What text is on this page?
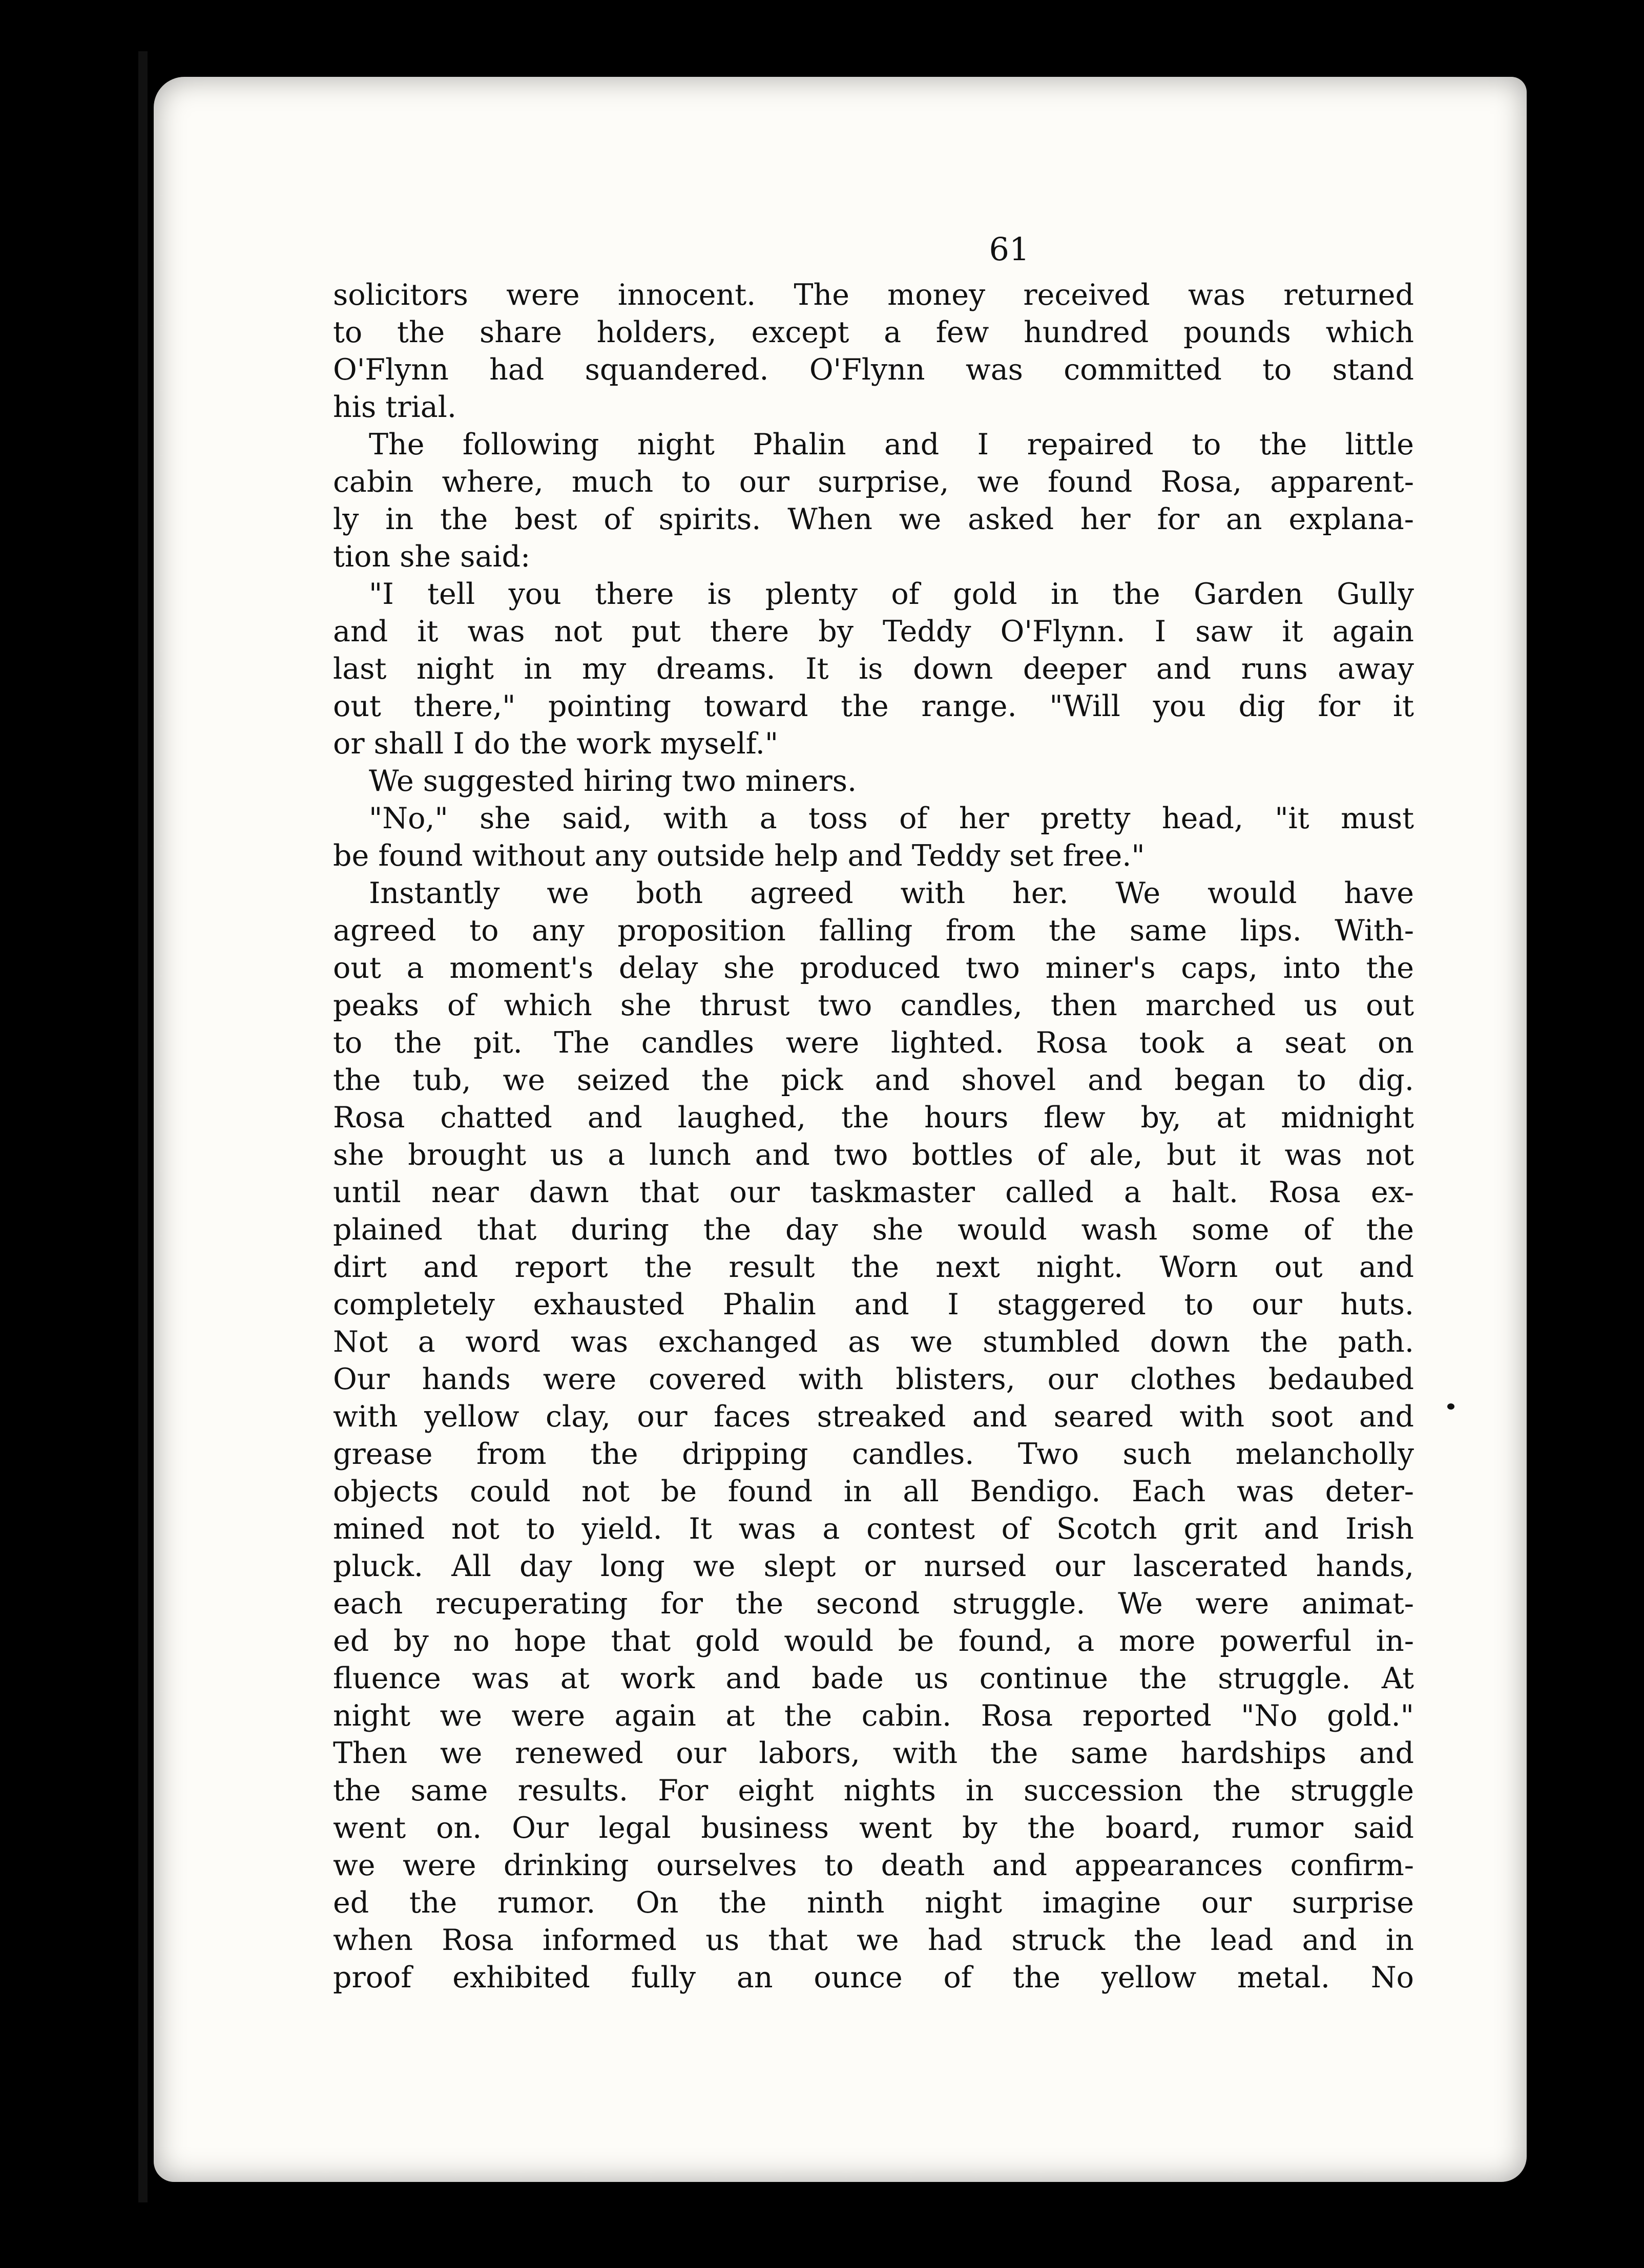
61
solicitors were innocent. The money received was returned
to the share holders, except a few hundred pounds which
O'Flynn had squandered. O'Flynn was committed to stand
his trial.
The following night Phalin and I repaired to the little
cabin where, much to our surprise, we found Rosa, apparent-
ly in the best of spirits. When we asked her for an explana-
tion she said:
"I tell you there is plenty of gold in the Garden Gully
and it was not put there by Teddy O'Flynn. I saw it again
last night in my dreams. It is down deeper and runs away
out there," pointing toward the range. "Will you dig for it
or shall I do the work myself."
We suggested hiring two miners.
"No," she said, with a toss of her pretty head, "it must
be found without any outside help and Teddy set free."
Instantly we both agreed with her. We would have
agreed to any proposition falling from the same lips. With-
out a moment's delay she produced two miner's caps, into the
peaks of which she thrust two candles, then marched us out
to the pit. The candles were lighted. Rosa took a seat on
the tub, we seized the pick and shovel and began to dig.
Rosa chatted and laughed, the hours flew by, at midnight
she brought us a lunch and two bottles of ale, but it was not
until near dawn that our taskmaster called a halt. Rosa ex-
plained that during the day she would wash some of the
dirt and report the result the next night. Worn out and
completely exhausted Phalin and I staggered to our huts.
Not a word was exchanged as we stumbled down the path.
Our hands were covered with blisters, our clothes bedaubed
with yellow clay, our faces streaked and seared with soot and
grease from the dripping candles. Two such melancholly
objects could not be found in all Bendigo. Each was deter-
mined not to yield. It was a contest of Scotch grit and Irish
pluck. All day long we slept or nursed our lascerated hands,
each recuperating for the second struggle. We were animat-
ed by no hope that gold would be found, a more powerful in-
fluence was at work and bade us continue the struggle. At
night we were again at the cabin. Rosa reported "No gold."
Then we renewed our labors, with the same hardships and
the same results. For eight nights in succession the struggle
went on. Our legal business went by the board, rumor said
we were drinking ourselves to death and appearances confirm-
ed the rumor. On the ninth night imagine our surprise
when Rosa informed us that we had struck the lead and in
proof exhibited fully an ounce of the yellow metal. No
